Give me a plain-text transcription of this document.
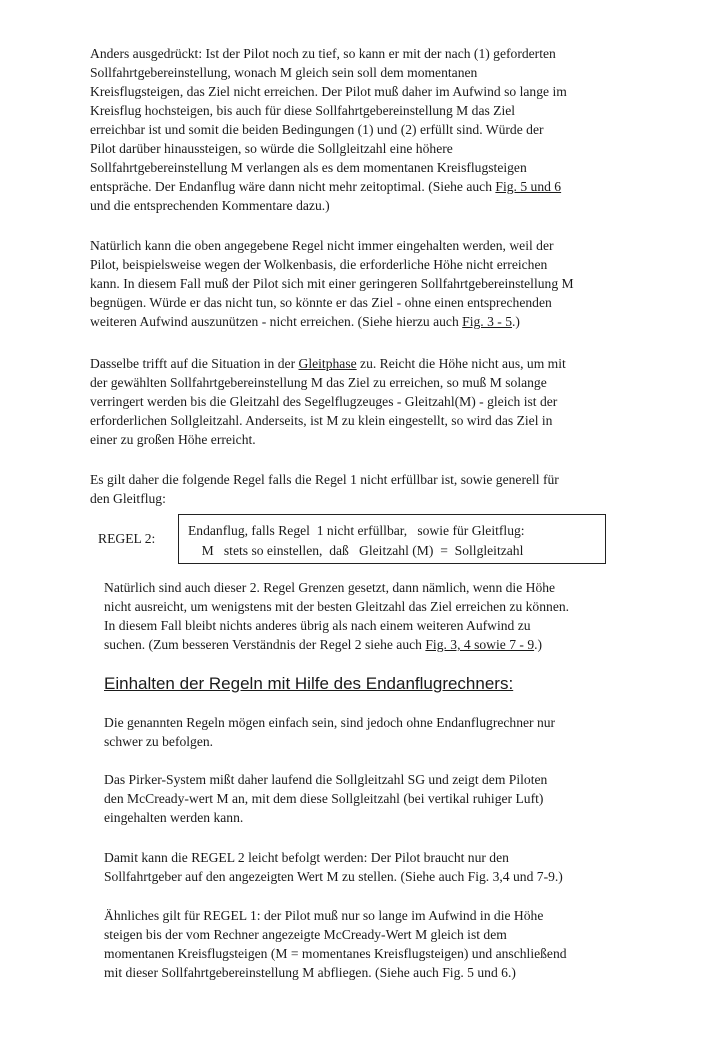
Anders ausgedrückt: Ist der Pilot noch zu tief, so kann er mit der nach (1) geforderten

Sollfahrtgebereinstellung, wonach M gleich sein soll dem momentanen

Kreisflugsteigen, das Ziel nicht erreichen. Der Pilot muß daher im Aufwind so lange im

Kreisflug hochsteigen, bis auch für diese Sollfahrtgebereinstellung M das Ziel

erreichbar ist und somit die beiden Bedingungen (1) und (2) erfüllt sind. Würde der

Pilot darüber hinaussteigen, so würde die Sollgleitzahl eine höhere

Sollfahrtgebereinstellung M verlangen als es dem momentanen Kreisflugsteigen

entspräche. Der Endanflug wäre dann nicht mehr zeitoptimal. (Siehe auch Fig. 5 und 6

und die entsprechenden Kommentare dazu.)

Natürlich kann die oben angegebene Regel nicht immer eingehalten werden, weil der

Pilot, beispielsweise wegen der Wolkenbasis, die erforderliche Höhe nicht erreichen

kann. In diesem Fall muß der Pilot sich mit einer geringeren Sollfahrtgebereinstellung M

begnügen. Würde er das nicht tun, so könnte er das Ziel - ohne einen entsprechenden

weiteren Aufwind auszunützen - nicht erreichen. (Siehe hierzu auch Fig. 3 - 5.)

Dasselbe trifft auf die Situation in der Gleitphase zu. Reicht die Höhe nicht aus, um mit

der gewählten Sollfahrtgebereinstellung M das Ziel zu erreichen, so muß M solange

verringert werden bis die Gleitzahl des Segelflugzeuges - Gleitzahl(M) - gleich ist der

erforderlichen Sollgleitzahl. Anderseits, ist M zu klein eingestellt, so wird das Ziel in

einer zu großen Höhe erreicht.

Es gilt daher die folgende Regel falls die Regel 1 nicht erfüllbar ist, sowie generell für

den Gleitflug:

REGEL 2:

Endanflug, falls Regel  1 nicht erfüllbar,   sowie für Gleitflug:

M   stets so einstellen,  daß   Gleitzahl (M)  =  Sollgleitzahl

Natürlich sind auch dieser 2. Regel Grenzen gesetzt, dann nämlich, wenn die Höhe

nicht ausreicht, um wenigstens mit der besten Gleitzahl das Ziel erreichen zu können.

In diesem Fall bleibt nichts anderes übrig als nach einem weiteren Aufwind zu

suchen. (Zum besseren Verständnis der Regel 2 siehe auch Fig. 3, 4 sowie 7 - 9.)

Einhalten der Regeln mit Hilfe des Endanflugrechners:

Die genannten Regeln mögen einfach sein, sind jedoch ohne Endanflugrechner nur

schwer zu befolgen.

Das Pirker-System mißt daher laufend die Sollgleitzahl SG und zeigt dem Piloten

den McCready-wert M an, mit dem diese Sollgleitzahl (bei vertikal ruhiger Luft)

eingehalten werden kann.

Damit kann die REGEL 2 leicht befolgt werden: Der Pilot braucht nur den

Sollfahrtgeber auf den angezeigten Wert M zu stellen. (Siehe auch Fig. 3,4 und 7-9.)

Ähnliches gilt für REGEL 1: der Pilot muß nur so lange im Aufwind in die Höhe

steigen bis der vom Rechner angezeigte McCready-Wert M gleich ist dem

momentanen Kreisflugsteigen (M = momentanes Kreisflugsteigen) und anschließend

mit dieser Sollfahrtgebereinstellung M abfliegen. (Siehe auch Fig. 5 und 6.)
